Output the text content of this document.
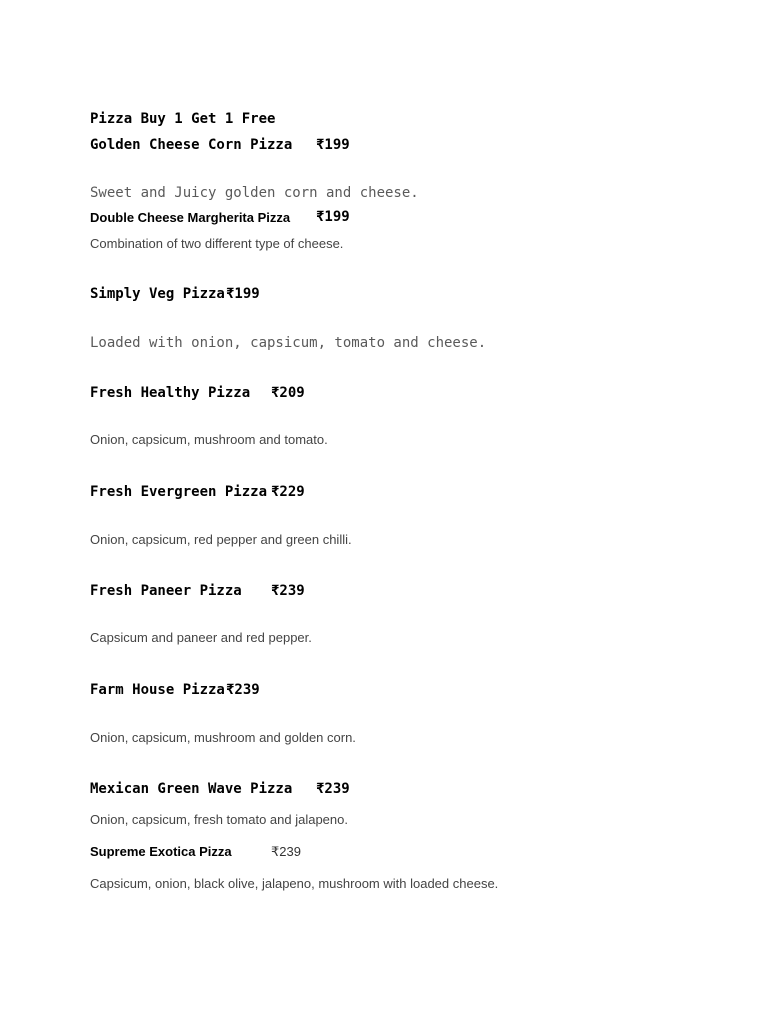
Pizza Buy 1 Get 1 Free
Golden Cheese Corn Pizza ₹199
Sweet and Juicy golden corn and cheese.
Double Cheese Margherita Pizza ₹199
Combination of two different type of cheese.
Simply Veg Pizza ₹199
Loaded with onion, capsicum, tomato and cheese.
Fresh Healthy Pizza ₹209
Onion, capsicum, mushroom and tomato.
Fresh Evergreen Pizza ₹229
Onion, capsicum, red pepper and green chilli.
Fresh Paneer Pizza ₹239
Capsicum and paneer and red pepper.
Farm House Pizza ₹239
Onion, capsicum, mushroom and golden corn.
Mexican Green Wave Pizza ₹239
Onion, capsicum, fresh tomato and jalapeno.
Supreme Exotica Pizza	₹239
Capsicum, onion, black olive, jalapeno, mushroom with loaded cheese.
